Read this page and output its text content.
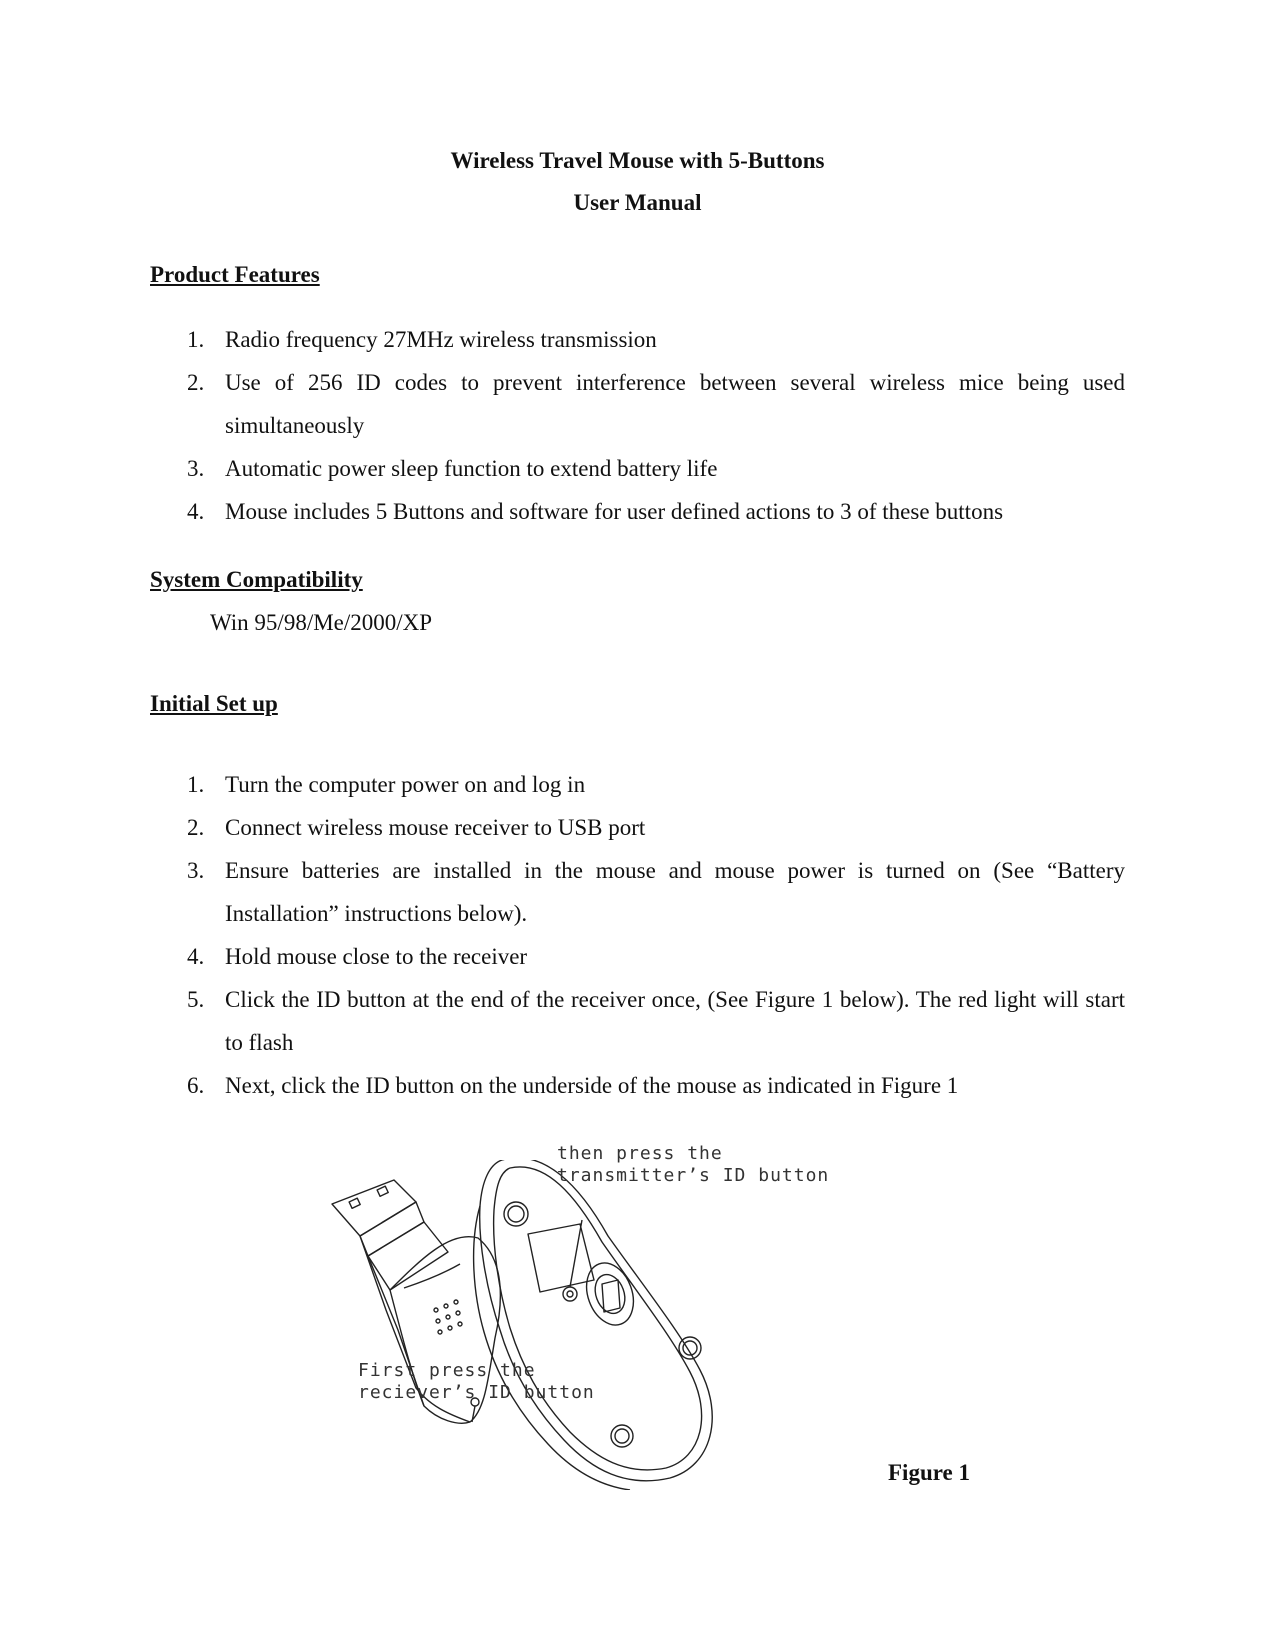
Wireless Travel Mouse with 5-Buttons
User Manual
Product Features
1. Radio frequency 27MHz wireless transmission
2. Use of 256 ID codes to prevent interference between several wireless mice being used simultaneously
3. Automatic power sleep function to extend battery life
4. Mouse includes 5 Buttons and software for user defined actions to 3 of these buttons
System Compatibility

Win 95/98/Me/2000/XP

Initial Set up
1. Turn the computer power on and log in
2. Connect wireless mouse receiver to USB port
3. Ensure batteries are installed in the mouse and mouse power is turned on (See “Battery Installation” instructions below).
4. Hold mouse close to the receiver
5. Click the ID button at the end of the receiver once, (See Figure 1 below). The red light will start to flash
6. Next, click the ID button on the underside of the mouse as indicated in Figure 1

then press the

transmitter’s ID button

First press the

reciever’s ID button

Figure 1
